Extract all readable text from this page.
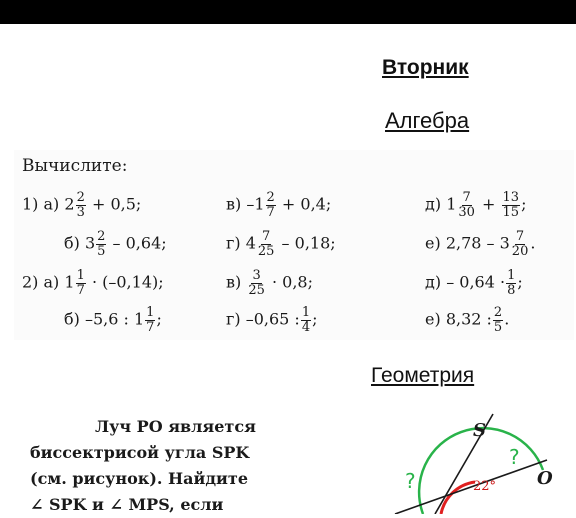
Вторник
Алгебра
Вычислите:
1) а) $2 \frac{2}{3} + 0,5$;	в) $-1 \frac{2}{7} + 0,4$;	д) $1 \frac{7}{30} + \frac{13}{15}$ ;
б) $3 \frac{2}{5} - 0,64$;	г) $4 \frac{7}{25} - 0,18$;	е) $2,78 - 3 \frac{7}{20}$ .
2) а) $1 \frac{1}{7} \cdot (-0,14)$;	$в) \frac{3}{25} \cdot 0,8$;	$д) - 0,64 \cdot \frac{1}{8}$ ;
б) –5,6 : $1 \frac{1}{7}$ ;	г) –0,65 : $\frac{1}{4}$ ;	е) 8,32 : $\frac{2}{5}$ .
Геометрия

Луч PO является

биссектрисой угла SPK

(см. рисунок). Найдите

∠ SPK и ∠ MPS, если

S
O
22°
?
?
